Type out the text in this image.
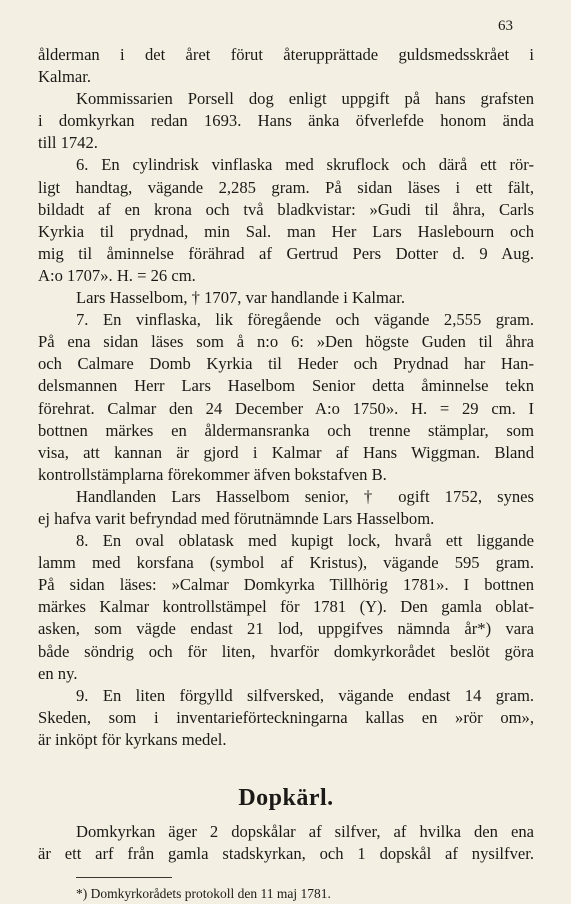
63
ålderman i det året förut återupprättade guldsmedsskrået i
Kalmar.
Kommissarien Porsell dog enligt uppgift på hans grafsten
i domkyrkan redan 1693. Hans änka öfverlefde honom ända
till 1742.
6. En cylindrisk vinflaska med skruflock och därå ett rör-
ligt handtag, vägande 2,285 gram. På sidan läses i ett fält,
bildadt af en krona och två bladkvistar: »Gudi til åhra, Carls
Kyrkia til prydnad, min Sal. man Her Lars Haslebourn och
mig til åminnelse förährad af Gertrud Pers Dotter d. 9 Aug.
A:o 1707». H. = 26 cm.
Lars Hasselbom, † 1707, var handlande i Kalmar.
7. En vinflaska, lik föregående och vägande 2,555 gram.
På ena sidan läses som å n:o 6: »Den högste Guden til åhra
och Calmare Domb Kyrkia til Heder och Prydnad har Han-
delsmannen Herr Lars Haselbom Senior detta åminnelse tekn
förehrat. Calmar den 24 December A:o 1750». H. = 29 cm. I
bottnen märkes en åldermansranka och trenne stämplar, som
visa, att kannan är gjord i Kalmar af Hans Wiggman. Bland
kontrollstämplarna förekommer äfven bokstafven B.
Handlanden Lars Hasselbom senior, † ogift 1752, synes
ej hafva varit befryndad med förutnämnde Lars Hasselbom.
8. En oval oblatask med kupigt lock, hvarå ett liggande
lamm med korsfana (symbol af Kristus), vägande 595 gram.
På sidan läses: »Calmar Domkyrka Tillhörig 1781». I bottnen
märkes Kalmar kontrollstämpel för 1781 (Y). Den gamla oblat-
asken, som vägde endast 21 lod, uppgifves nämnda år*) vara
både söndrig och för liten, hvarför domkyrkorådet beslöt göra
en ny.
9. En liten förgylld silfversked, vägande endast 14 gram.
Skeden, som i inventarieförteckningarna kallas en »rör om»,
är inköpt för kyrkans medel.
Dopkärl.
Domkyrkan äger 2 dopskålar af silfver, af hvilka den ena
är ett arf från gamla stadskyrkan, och 1 dopskål af nysilfver.
*) Domkyrkorådets protokoll den 11 maj 1781.
